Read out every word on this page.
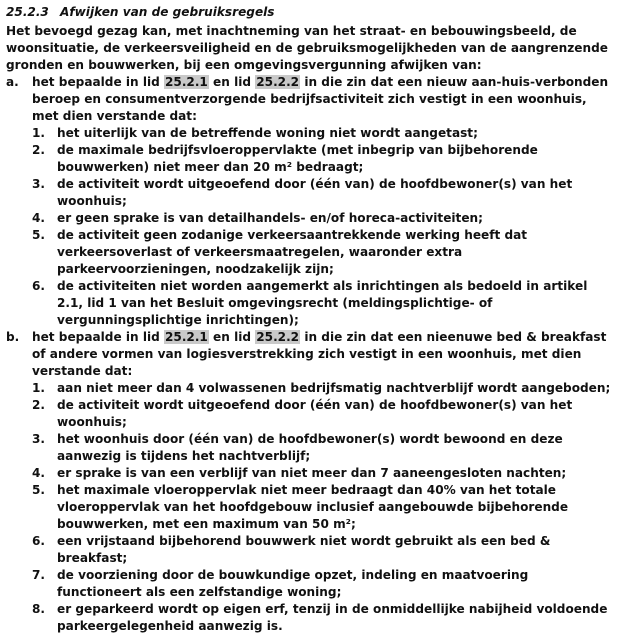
25.2.3 Afwijken van de gebruiksregels

Het bevoegd gezag kan, met inachtneming van het straat- en bebouwingsbeeld, de woonsituatie, de verkeersveiligheid en de gebruiksmogelijkheden van de aangrenzende gronden en bouwwerken, bij een omgevingsvergunning afwijken van:

a.	het bepaalde in lid 25.2.1 en lid 25.2.2 in die zin dat een nieuw aan-huis-verbonden beroep en consumentverzorgende bedrijfsactiviteit zich vestigt in een woonhuis, met dien verstande dat:
1. het uiterlijk van de betreffende woning niet wordt aangetast;
2. de maximale bedrijfsvloeroppervlakte (met inbegrip van bijbehorende bouwwerken) niet meer dan 20 m² bedraagt;
3. de activiteit wordt uitgeoefend door (één van) de hoofdbewoner(s) van het woonhuis;
4. er geen sprake is van detailhandels- en/of horeca-activiteiten;
5. de activiteit geen zodanige verkeersaantrekkende werking heeft dat verkeersoverlast of verkeersmaatregelen, waaronder extra parkeervoorzieningen, noodzakelijk zijn;
6. de activiteiten niet worden aangemerkt als inrichtingen als bedoeld in artikel 2.1, lid 1 van het Besluit omgevingsrecht (meldingsplichtige- of vergunningsplichtige inrichtingen);
b.	het bepaalde in lid 25.2.1 en lid 25.2.2 in die zin dat een nieenuwe bed & breakfast of andere vormen van logiesverstrekking zich vestigt in een woonhuis, met dien verstande dat:
1. aan niet meer dan 4 volwassenen bedrijfsmatig nachtverblijf wordt aangeboden;
2. de activiteit wordt uitgeoefend door (één van) de hoofdbewoner(s) van het woonhuis;
3. het woonhuis door (één van) de hoofdbewoner(s) wordt bewoond en deze aanwezig is tijdens het nachtverblijf;
4. er sprake is van een verblijf van niet meer dan 7 aaneengesloten nachten;
5. het maximale vloeroppervlak niet meer bedraagt dan 40% van het totale vloeroppervlak van het hoofdgebouw inclusief aangebouwde bijbehorende bouwwerken, met een maximum van 50 m²;
6. een vrijstaand bijbehorend bouwwerk niet wordt gebruikt als een bed & breakfast;
7. de voorziening door de bouwkundige opzet, indeling en maatvoering functioneert als een zelfstandige woning;
8. er geparkeerd wordt op eigen erf, tenzij in de onmiddellijke nabijheid voldoende parkeergelegenheid aanwezig is.
